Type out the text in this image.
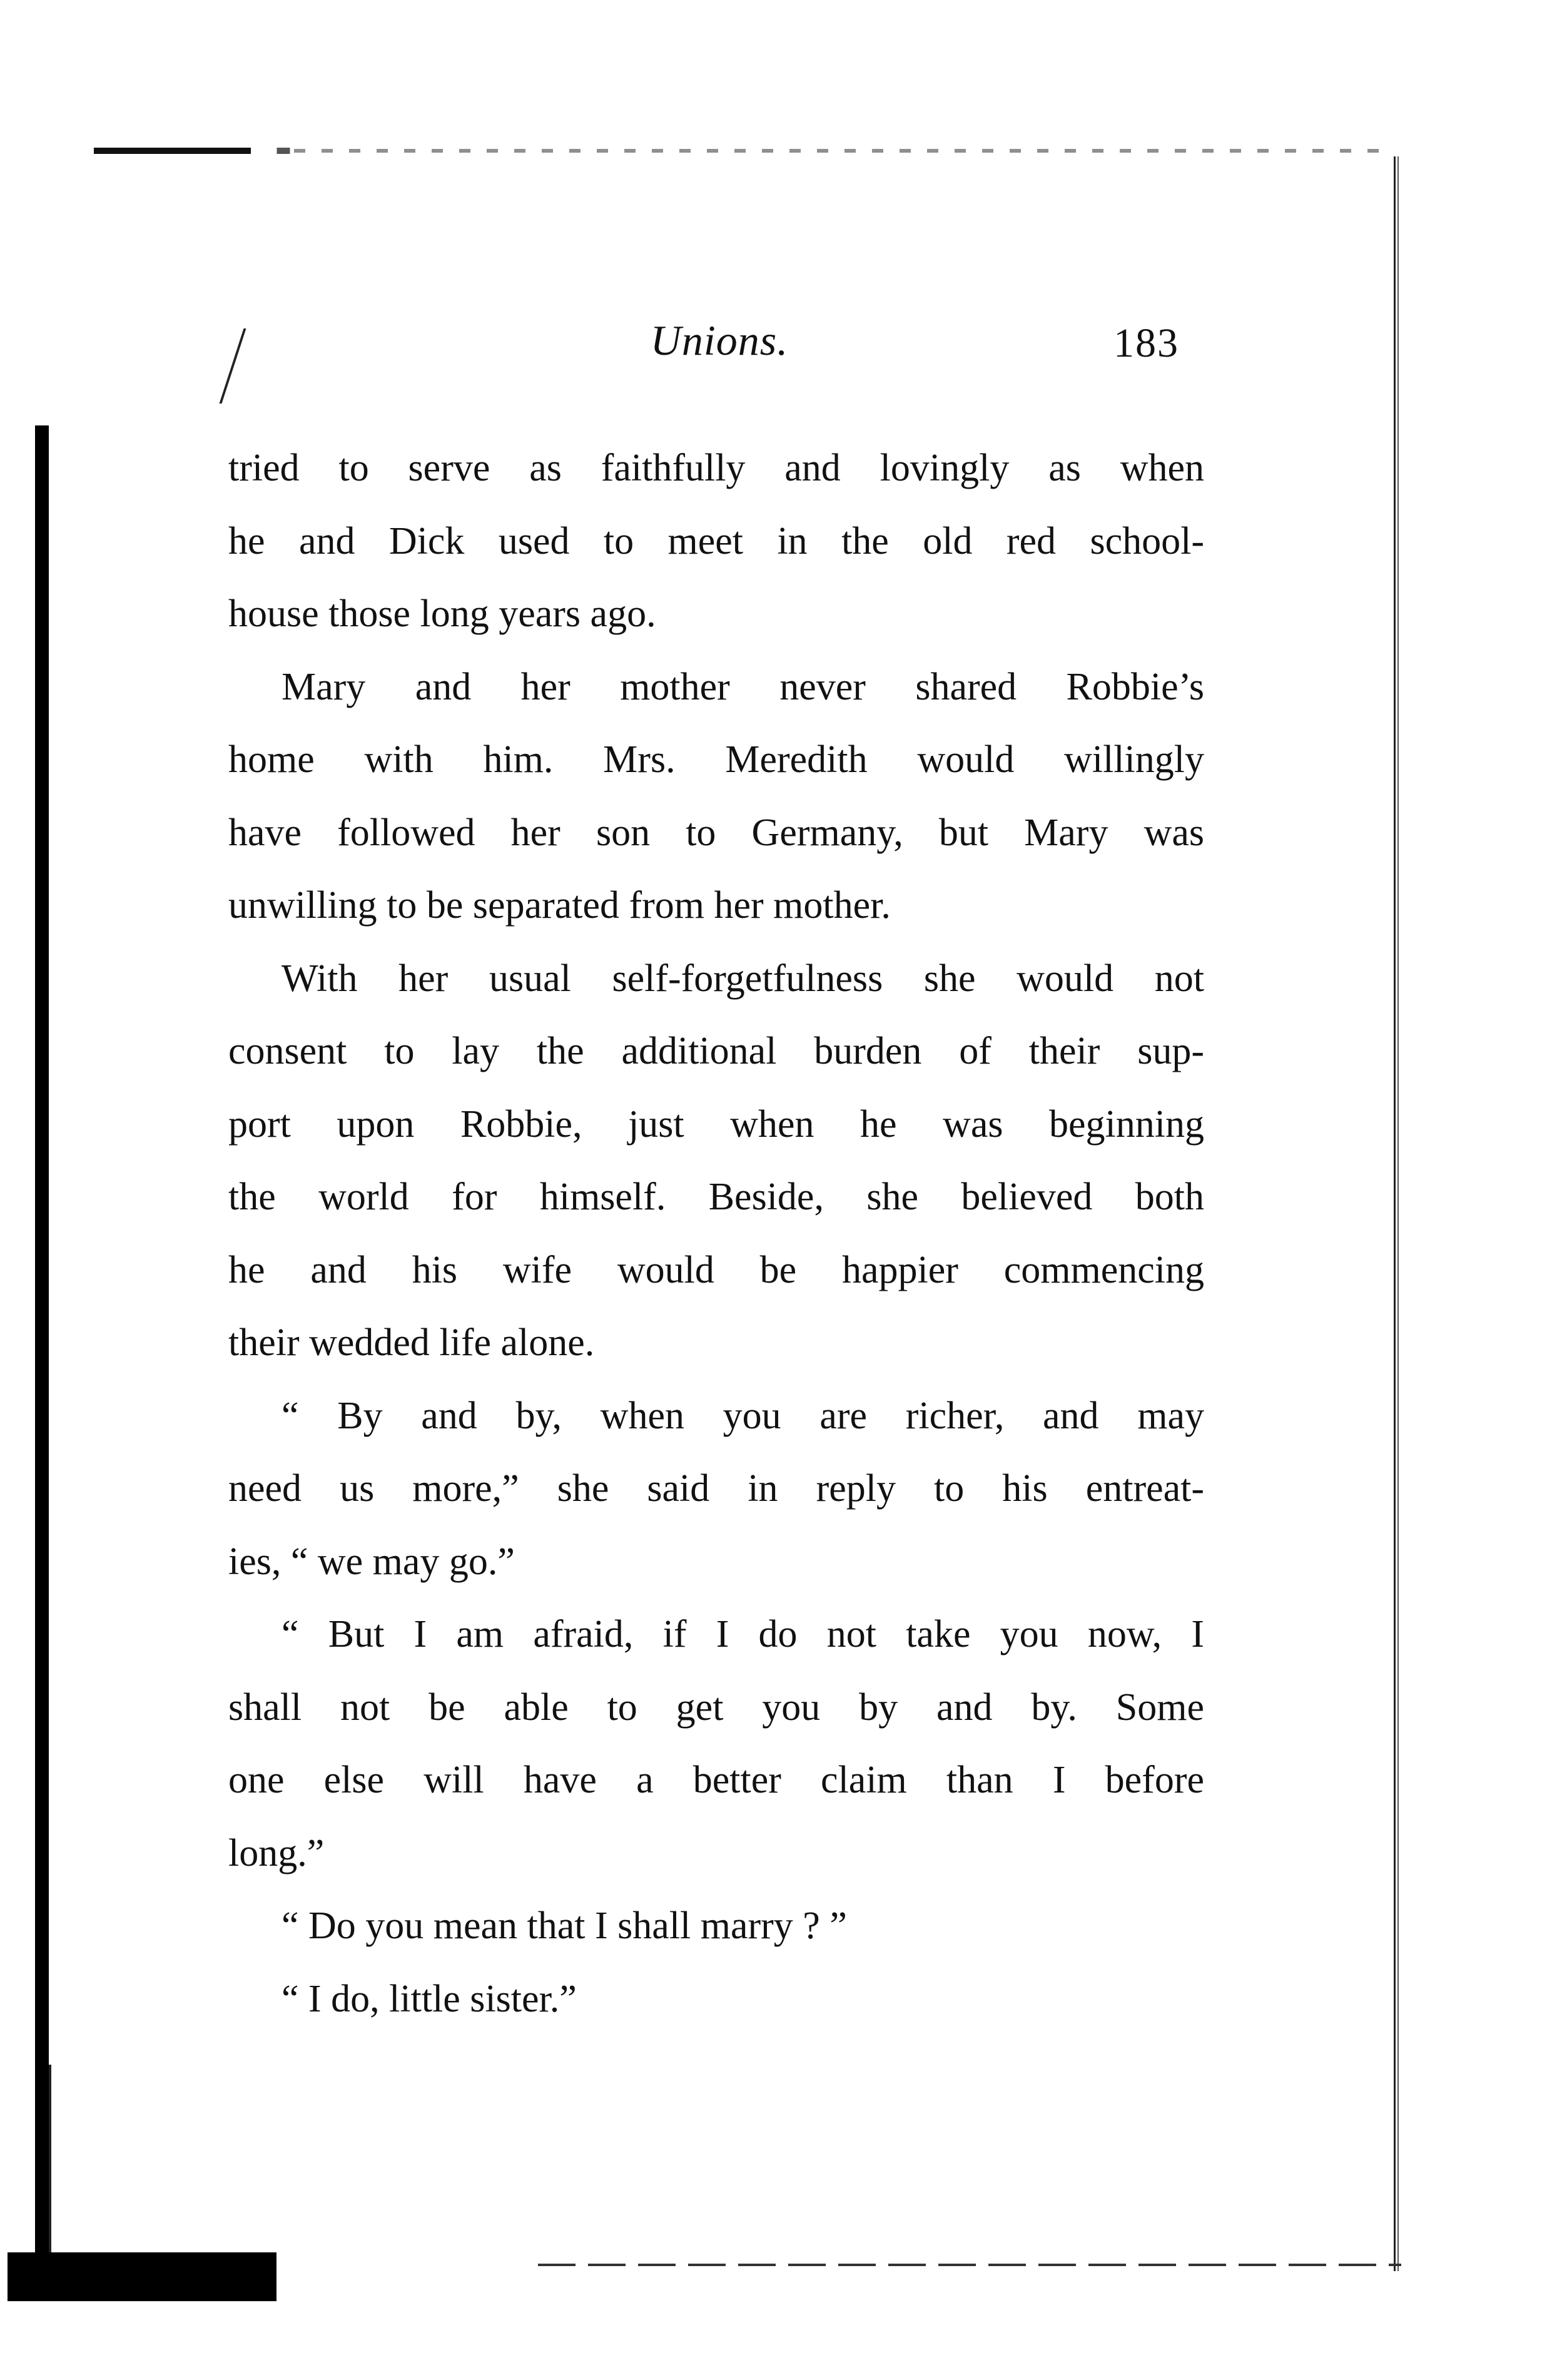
Unions.	183
tried to serve as faithfully and lovingly as when
he and Dick used to meet in the old red school-
house those long years ago.
Mary and her mother never shared Robbie’s
home with him. Mrs. Meredith would willingly
have followed her son to Germany, but Mary was
unwilling to be separated from her mother.
With her usual self-forgetfulness she would not
consent to lay the additional burden of their sup-
port upon Robbie, just when he was beginning
the world for himself. Beside, she believed both
he and his wife would be happier commencing
their wedded life alone.
“ By and by, when you are richer, and may
need us more,” she said in reply to his entreat-
ies, “ we may go.”
“ But I am afraid, if I do not take you now, I
shall not be able to get you by and by. Some
one else will have a better claim than I before
long.”
“ Do you mean that I shall marry ? ”
“ I do, little sister.”
